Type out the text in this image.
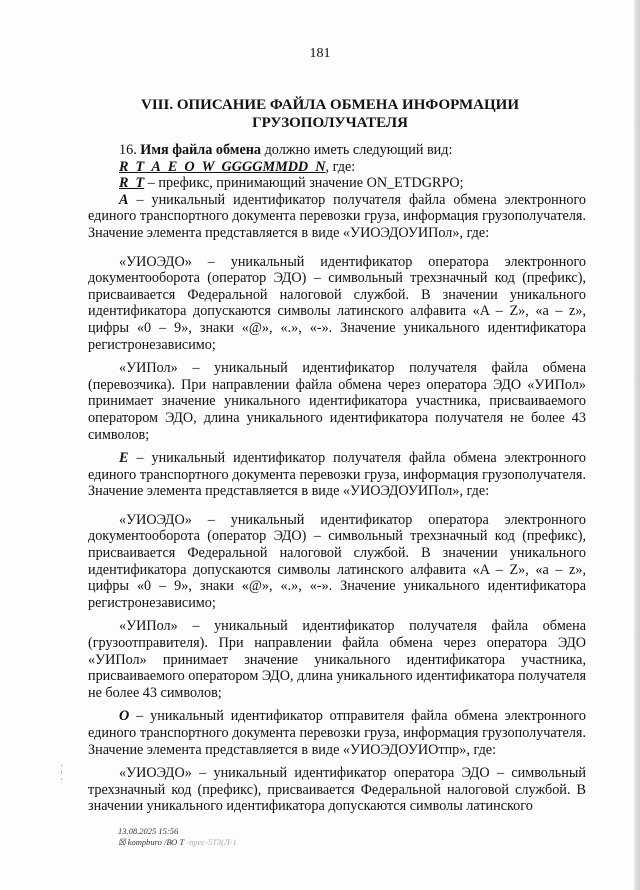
181
VIII. ОПИСАНИЕ ФАЙЛА ОБМЕНА ИНФОРМАЦИИ
ГРУЗОПОЛУЧАТЕЛЯ
⁚
⁚

16. Имя файла обмена должно иметь следующий вид:

R_T_A_E_O_W_GGGGMMDD_N, где:

R_T – префикс, принимающий значение ON_ETDGRPO;

A – уникальный идентификатор получателя файла обмена электронного единого транспортного документа перевозки груза, информация грузополучателя. Значение элемента представляется в виде «УИОЭДОУИПол», где:

«УИОЭДО» – уникальный идентификатор оператора электронного документооборота (оператор ЭДО) – символьный трехзначный код (префикс), присваивается Федеральной налоговой службой. В значении уникального идентификатора допускаются символы латинского алфавита «A – Z», «a – z», цифры «0 – 9», знаки «@», «.», «-». Значение уникального идентификатора регистронезависимо;

«УИПол» – уникальный идентификатор получателя файла обмена (перевозчика). При направлении файла обмена через оператора ЭДО «УИПол» принимает значение уникального идентификатора участника, присваиваемого оператором ЭДО, длина уникального идентификатора получателя не более 43 символов;

E – уникальный идентификатор получателя файла обмена электронного единого транспортного документа перевозки груза, информация грузополучателя. Значение элемента представляется в виде «УИОЭДОУИПол», где:

«УИОЭДО» – уникальный идентификатор оператора электронного документооборота (оператор ЭДО) – символьный трехзначный код (префикс), присваивается Федеральной налоговой службой. В значении уникального идентификатора допускаются символы латинского алфавита «A – Z», «a – z», цифры «0 – 9», знаки «@», «.», «-». Значение уникального идентификатора регистронезависимо;

«УИПол» – уникальный идентификатор получателя файла обмена (грузоотправителя). При направлении файла обмена через оператора ЭДО «УИПол» принимает значение уникального идентификатора участника, присваиваемого оператором ЭДО, длина уникального идентификатора получателя не более 43 символов;

O – уникальный идентификатор отправителя файла обмена электронного единого транспортного документа перевозки груза, информация грузополучателя. Значение элемента представляется в виде «УИОЭДОУИОтпр», где:

«УИОЭДО» – уникальный идентификатор оператора ЭДО – символьный трехзначный код (префикс), присваивается Федеральной налоговой службой. В значении уникального идентификатора допускаются символы латинского

13.08.2025 15:56
☒ kompburo /ВО Т -прес-5Т3(Л-1
